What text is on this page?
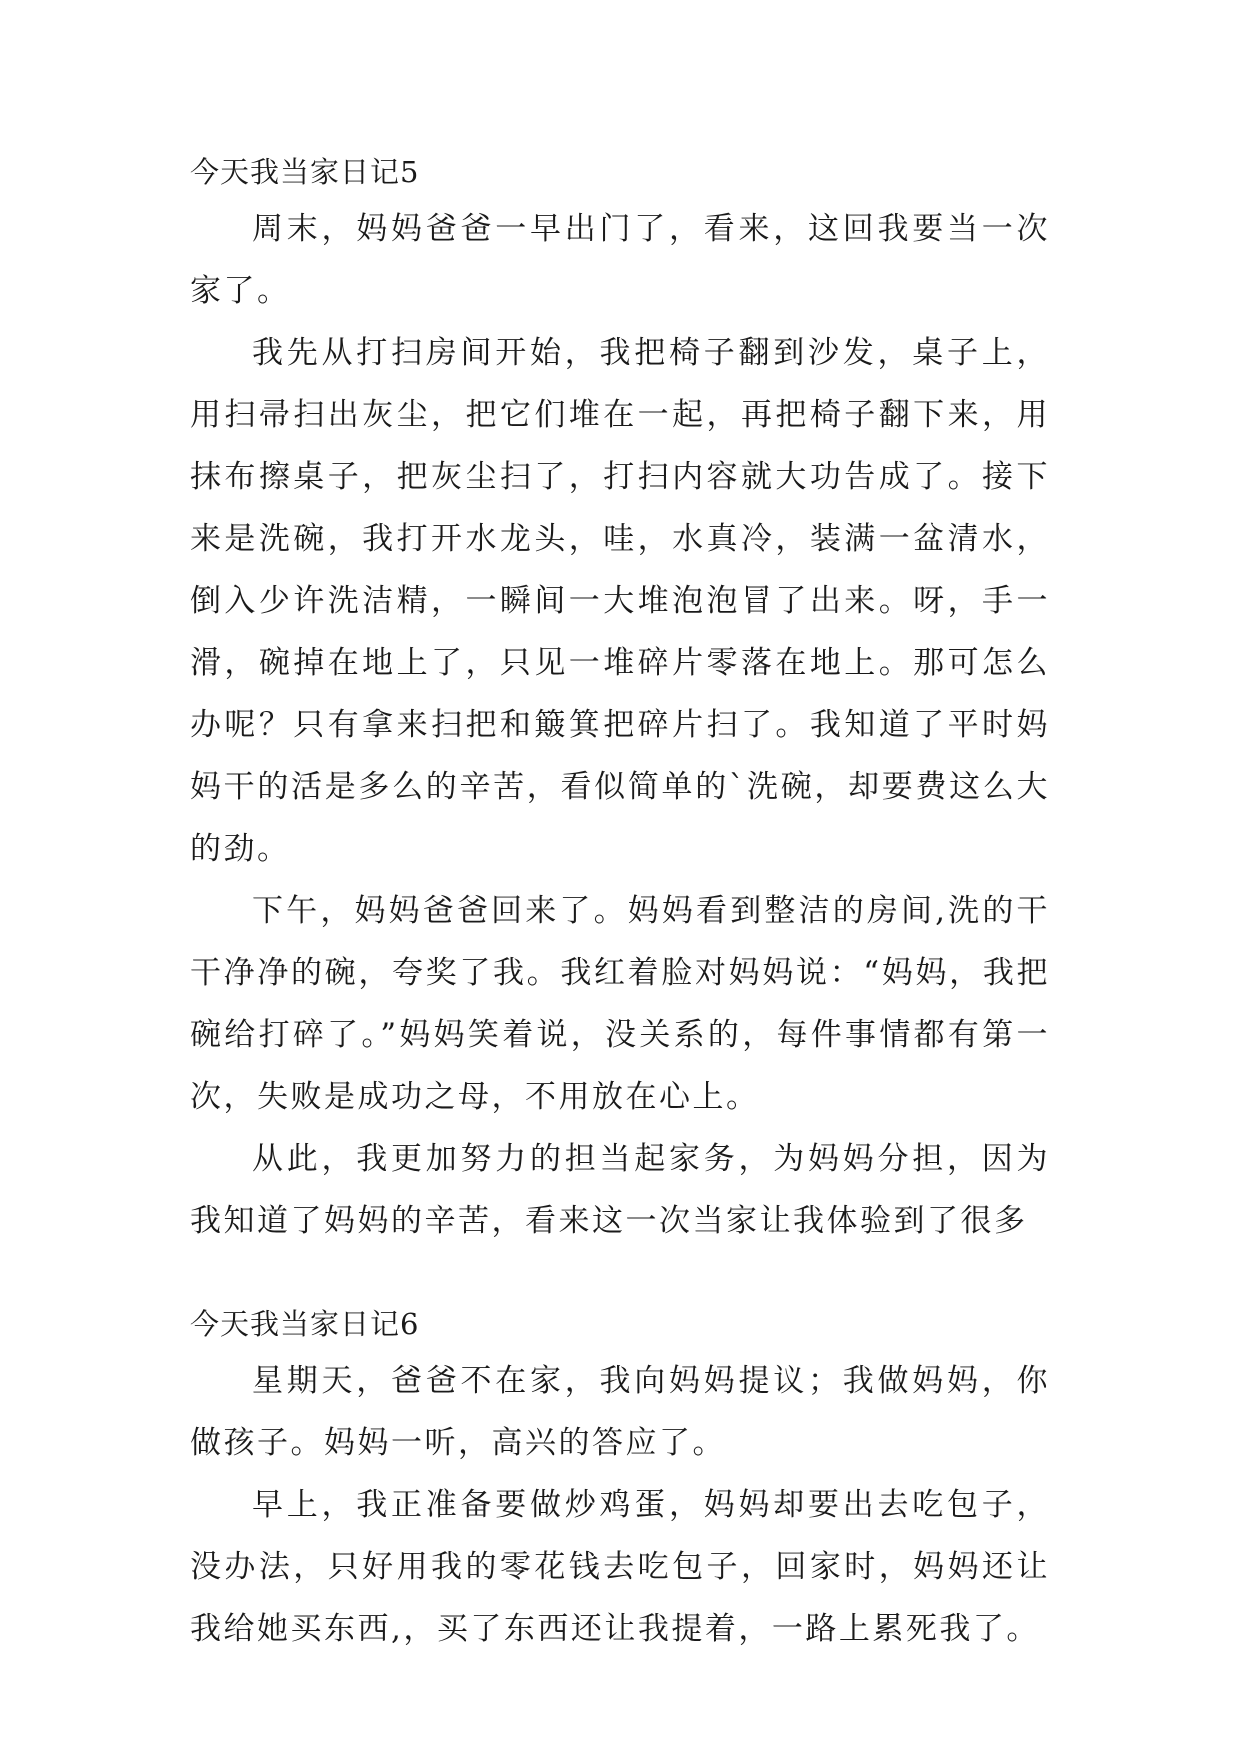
今天我当家日记5

周末，妈妈爸爸一早出门了，看来，这回我要当一次家了。

我先从打扫房间开始，我把椅子翻到沙发，桌子上，用扫帚扫出灰尘，把它们堆在一起，再把椅子翻下来，用抹布擦桌子，把灰尘扫了，打扫内容就大功告成了。接下来是洗碗，我打开水龙头，哇，水真冷，装满一盆清水，倒入少许洗洁精，一瞬间一大堆泡泡冒了出来。呀，手一滑，碗掉在地上了，只见一堆碎片零落在地上。那可怎么办呢？只有拿来扫把和簸箕把碎片扫了。我知道了平时妈妈干的活是多么的辛苦，看似简单的`洗碗，却要费这么大的劲。

下午，妈妈爸爸回来了。妈妈看到整洁的房间,洗的干干净净的碗，夸奖了我。我红着脸对妈妈说：“妈妈，我把碗给打碎了。”妈妈笑着说，没关系的，每件事情都有第一次，失败是成功之母，不用放在心上。

从此，我更加努力的担当起家务，为妈妈分担，因为我知道了妈妈的辛苦，看来这一次当家让我体验到了很多

今天我当家日记6

星期天，爸爸不在家，我向妈妈提议；我做妈妈，你做孩子。妈妈一听，高兴的答应了。

早上，我正准备要做炒鸡蛋，妈妈却要出去吃包子，没办法，只好用我的零花钱去吃包子，回家时，妈妈还让我给她买东西,，买了东西还让我提着，一路上累死我了。
